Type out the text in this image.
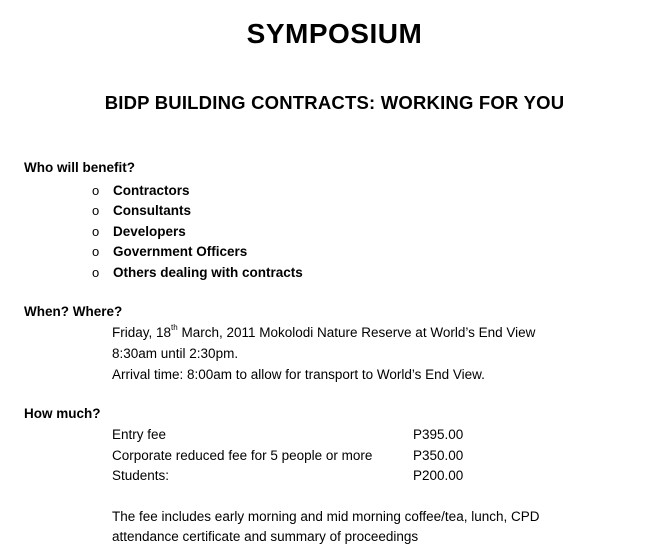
SYMPOSIUM
BIDP BUILDING CONTRACTS: WORKING FOR YOU
Who will benefit?
o	Contractors
o	Consultants
o	Developers
o	Government Officers
o	Others dealing with contracts
When? Where?
Friday, 18th March, 2011 Mokolodi Nature Reserve at World’s End View
8:30am until 2:30pm.
Arrival time: 8:00am to allow for transport to World’s End View.
How much?
Entry fee	P395.00
Corporate reduced fee for 5 people or more	P350.00
Students:	P200.00
The fee includes early morning and mid morning coffee/tea, lunch, CPD
attendance certificate and summary of proceedings
